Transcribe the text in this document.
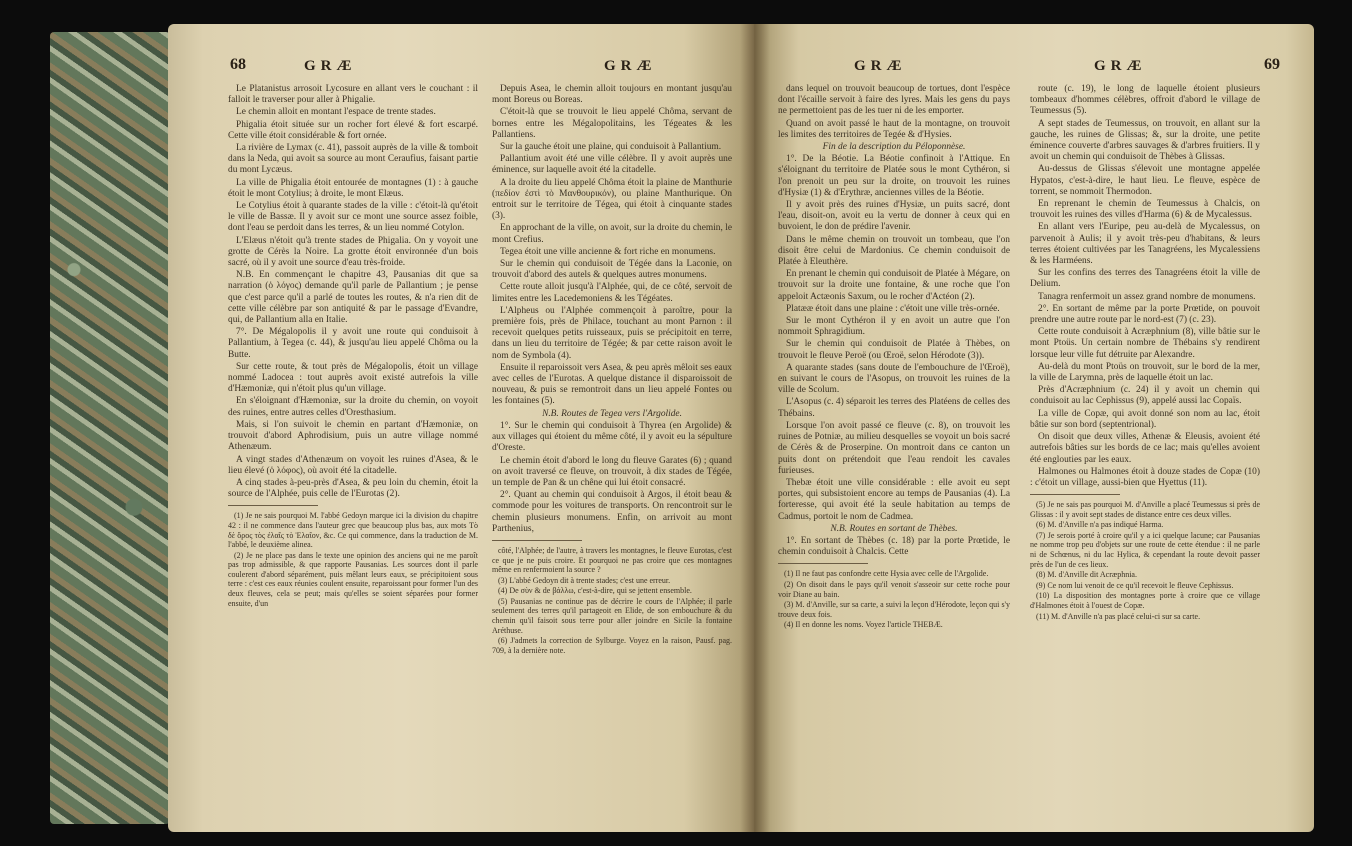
68	GRÆ	GRÆ

Le Platanistus arrosoit Lycosure en allant vers le couchant : il falloit le traverser pour aller à Phigalie.

Le chemin alloit en montant l'espace de trente stades.

Phigalia étoit située sur un rocher fort élevé & fort escarpé. Cette ville étoit considérable & fort ornée.

La rivière de Lymax (c. 41), passoit auprès de la ville & tomboit dans la Neda, qui avoit sa source au mont Ceraufius, faisant partie du mont Lycæus.

La ville de Phigalia étoit entourée de montagnes (1) : à gauche étoit le mont Cotylius; à droite, le mont Elæus.

Le Cotylius étoit à quarante stades de la ville : c'étoit-là qu'étoit le ville de Bassæ. Il y avoit sur ce mont une source assez foible, dont l'eau se perdoit dans les terres, & un lieu nommé Cotylon.

L'Elæus n'étoit qu'à trente stades de Phigalia. On y voyoit une grotte de Cérès la Noire. La grotte étoit environnée d'un bois sacré, où il y avoit une source d'eau très-froide.

N.B. En commençant le chapitre 43, Pausanias dit que sa narration (ὁ λόγος) demande qu'il parle de Pallantium ; je pense que c'est parce qu'il a parlé de toutes les routes, & n'a rien dit de cette ville célèbre par son antiquité & par le passage d'Evandre, qui, de Pallantium alla en Italie.

7°. De Mégalopolis il y avoit une route qui conduisoit à Pallantium, à Tegea (c. 44), & jusqu'au lieu appelé Chôma ou la Butte.

Sur cette route, & tout près de Mégalopolis, étoit un village nommé Ladocea : tout auprès avoit existé autrefois la ville d'Hæmoniæ, qui n'étoit plus qu'un village.

En s'éloignant d'Hæmoniæ, sur la droite du chemin, on voyoit des ruines, entre autres celles d'Oresthasium.

Mais, si l'on suivoit le chemin en partant d'Hæmoniæ, on trouvoit d'abord Aphrodisium, puis un autre village nommé Athenæum.

A vingt stades d'Athenæum on voyoit les ruines d'Asea, & le lieu élevé (ὁ λόφος), où avoit été la citadelle.

A cinq stades à-peu-près d'Asea, & peu loin du chemin, étoit la source de l'Alphée, puis celle de l'Eurotas (2).

(1) Je ne sais pourquoi M. l'abbé Gedoyn marque ici la division du chapitre 42 : il ne commence dans l'auteur grec que beaucoup plus bas, aux mots Τὸ δὲ ὄρος τὸς ἐλαΐς τὸ Ἐλαΐον, &c. Ce qui commence, dans la traduction de M. l'abbé, le deuxième alinea.

(2) Je ne place pas dans le texte une opinion des anciens qui ne me paroît pas trop admissible, & que rapporte Pausanias. Les sources dont il parle coulerent d'abord séparément, puis mêlant leurs eaux, se précipitoient sous terre : c'est ces eaux réunies coulent ensuite, reparoissant pour former l'un des deux fleuves, cela se peut; mais qu'elles se soient séparées pour former ensuite, d'un

Depuis Asea, le chemin alloit toujours en montant jusqu'au mont Boreus ou Boreas.

C'étoit-là que se trouvoit le lieu appelé Chôma, servant de bornes entre les Mégalopolitains, les Tégeates & les Pallantiens.

Sur la gauche étoit une plaine, qui conduisoit à Pallantium.

Pallantium avoit été une ville célèbre. Il y avoit auprès une éminence, sur laquelle avoit été la citadelle.

A la droite du lieu appelé Chôma étoit la plaine de Manthurie (πεδίον ἐστὶ τὸ Μανθουρικόν), ou plaine Manthurique. On entroit sur le territoire de Tégea, qui étoit à cinquante stades (3).

En approchant de la ville, on avoit, sur la droite du chemin, le mont Crefius.

Tegea étoit une ville ancienne & fort riche en monumens.

Sur le chemin qui conduisoit de Tégée dans la Laconie, on trouvoit d'abord des autels & quelques autres monumens.

Cette route alloit jusqu'à l'Alphée, qui, de ce côté, servoit de limites entre les Lacedemoniens & les Tégéates.

L'Alpheus ou l'Alphée commençoit à paroître, pour la première fois, près de Philace, touchant au mont Parnon : il recevoit quelques petits ruisseaux, puis se précipitoit en terre, dans un lieu du territoire de Tégée; & par cette raison avoit le nom de Symbola (4).

Ensuite il reparoissoit vers Asea, & peu après mêloit ses eaux avec celles de l'Eurotas. A quelque distance il disparoissoit de nouveau, & puis se remontroit dans un lieu appelé Fontes ou les fontaines (5).

N.B. Routes de Tegea vers l'Argolide.

1°. Sur le chemin qui conduisoit à Thyrea (en Argolide) & aux villages qui étoient du même côté, il y avoit eu la sépulture d'Oreste.

Le chemin étoit d'abord le long du fleuve Garates (6) ; quand on avoit traversé ce fleuve, on trouvoit, à dix stades de Tégée, un temple de Pan & un chêne qui lui étoit consacré.

2°. Quant au chemin qui conduisoit à Argos, il étoit beau & commode pour les voitures de transports. On rencontroit sur le chemin plusieurs monumens. Enfin, on arrivoit au mont Parthenius,

côté, l'Alphée; de l'autre, à travers les montagnes, le fleuve Eurotas, c'est ce que je ne puis croire. Et pourquoi ne pas croire que ces montagnes même en renfermoient la source ?

(3) L'abbé Gedoyn dit à trente stades; c'est une erreur.

(4) De σὺν & de βάλλω, c'est-à-dire, qui se jettent ensemble.

(5) Pausanias ne continue pas de décrire le cours de l'Alphée; il parle seulement des terres qu'il partageoit en Elide, de son embouchure & du chemin qu'il faisoit sous terre pour aller joindre en Sicile la fontaine Aréthuse.

(6) J'admets la correction de Sylburge. Voyez en la raison, Pausf. pag. 709, à la dernière note.

GRÆ	GRÆ	69

dans lequel on trouvoit beaucoup de tortues, dont l'espèce dont l'écaille servoit à faire des lyres. Mais les gens du pays ne permettoient pas de les tuer ni de les emporter.

Quand on avoit passé le haut de la montagne, on trouvoit les limites des territoires de Tegée & d'Hysies.

Fin de la description du Péloponnèse.

1°. De la Béotie. La Béotie confinoit à l'Attique. En s'éloignant du territoire de Platée sous le mont Cythéron, si l'on prenoit un peu sur la droite, on trouvoit les ruines d'Hysiæ (1) & d'Erythræ, anciennes villes de la Béotie.

Il y avoit près des ruines d'Hysiæ, un puits sacré, dont l'eau, disoit-on, avoit eu la vertu de donner à ceux qui en buvoient, le don de prédire l'avenir.

Dans le même chemin on trouvoit un tombeau, que l'on disoit être celui de Mardonius. Ce chemin conduisoit de Platée à Eleuthère.

En prenant le chemin qui conduisoit de Platée à Mégare, on trouvoit sur la droite une fontaine, & une roche que l'on appeloit Actæonis Saxum, ou le rocher d'Actéon (2).

Platææ étoit dans une plaine : c'étoit une ville très-ornée.

Sur le mont Cythéron il y en avoit un autre que l'on nommoit Sphragidium.

Sur le chemin qui conduisoit de Platée à Thèbes, on trouvoit le fleuve Peroë (ou Œroë, selon Hérodote (3)).

A quarante stades (sans doute de l'embouchure de l'Œroë), en suivant le cours de l'Asopus, on trouvoit les ruines de la ville de Scolum.

L'Asopus (c. 4) séparoit les terres des Platéens de celles des Thébains.

Lorsque l'on avoit passé ce fleuve (c. 8), on trouvoit les ruines de Potniæ, au milieu desquelles se voyoit un bois sacré de Cérès & de Proserpine. On montroit dans ce canton un puits dont on prétendoit que l'eau rendoit les cavales furieuses.

Thebæ étoit une ville considérable : elle avoit eu sept portes, qui subsistoient encore au temps de Pausanias (4). La forteresse, qui avoit été la seule habitation au temps de Cadmus, portoit le nom de Cadmea.

N.B. Routes en sortant de Thèbes.

1°. En sortant de Thèbes (c. 18) par la porte Prœtide, le chemin conduisoit à Chalcis. Cette

(1) Il ne faut pas confondre cette Hysia avec celle de l'Argolide.

(2) On disoit dans le pays qu'il venoit s'asseoir sur cette roche pour voir Diane au bain.

(3) M. d'Anville, sur sa carte, a suivi la leçon d'Hérodote, leçon qui s'y trouve deux fois.

(4) Il en donne les noms. Voyez l'article THEBÆ.

route (c. 19), le long de laquelle étoient plusieurs tombeaux d'hommes célèbres, offroit d'abord le village de Teumessus (5).

A sept stades de Teumessus, on trouvoit, en allant sur la gauche, les ruines de Glissas; &, sur la droite, une petite éminence couverte d'arbres sauvages & d'arbres fruitiers. Il y avoit un chemin qui conduisoit de Thèbes à Glissas.

Au-dessus de Glissas s'élevoit une montagne appelée Hypatos, c'est-à-dire, le haut lieu. Le fleuve, espèce de torrent, se nommoit Thermodon.

En reprenant le chemin de Teumessus à Chalcis, on trouvoit les ruines des villes d'Harma (6) & de Mycalessus.

En allant vers l'Euripe, peu au-delà de Mycalessus, on parvenoit à Aulis; il y avoit très-peu d'habitans, & leurs terres étoient cultivées par les Tanagréens, les Mycalessiens & les Harméens.

Sur les confins des terres des Tanagréens étoit la ville de Delium.

Tanagra renfermoit un assez grand nombre de monumens.

2°. En sortant de même par la porte Prœtide, on pouvoit prendre une autre route par le nord-est (7) (c. 23).

Cette route conduisoit à Acræphnium (8), ville bâtie sur le mont Ptoüs. Un certain nombre de Thébains s'y rendirent lorsque leur ville fut détruite par Alexandre.

Au-delà du mont Ptoüs on trouvoit, sur le bord de la mer, la ville de Larymna, près de laquelle étoit un lac.

Près d'Acræphnium (c. 24) il y avoit un chemin qui conduisoit au lac Cephissus (9), appelé aussi lac Copaïs.

La ville de Copæ, qui avoit donné son nom au lac, étoit bâtie sur son bord (septentrional).

On disoit que deux villes, Athenæ & Eleusis, avoient été autrefois bâties sur les bords de ce lac; mais qu'elles avoient été englouties par les eaux.

Halmones ou Halmones étoit à douze stades de Copæ (10) : c'étoit un village, aussi-bien que Hyettus (11).

(5) Je ne sais pas pourquoi M. d'Anville a placé Teumessus si près de Glissas : il y avoit sept stades de distance entre ces deux villes.

(6) M. d'Anville n'a pas indiqué Harma.

(7) Je serois porté à croire qu'il y a ici quelque lacune; car Pausanias ne nomme trop peu d'objets sur une route de cette étendue : il ne parle ni de Schœnus, ni du lac Hylica, & cependant la route devoit passer près de l'un de ces lieux.

(8) M. d'Anville dit Acræphnia.

(9) Ce nom lui venoit de ce qu'il recevoit le fleuve Cephissus.

(10) La disposition des montagnes porte à croire que ce village d'Halmones étoit à l'ouest de Copæ.

(11) M. d'Anville n'a pas placé celui-ci sur sa carte.
